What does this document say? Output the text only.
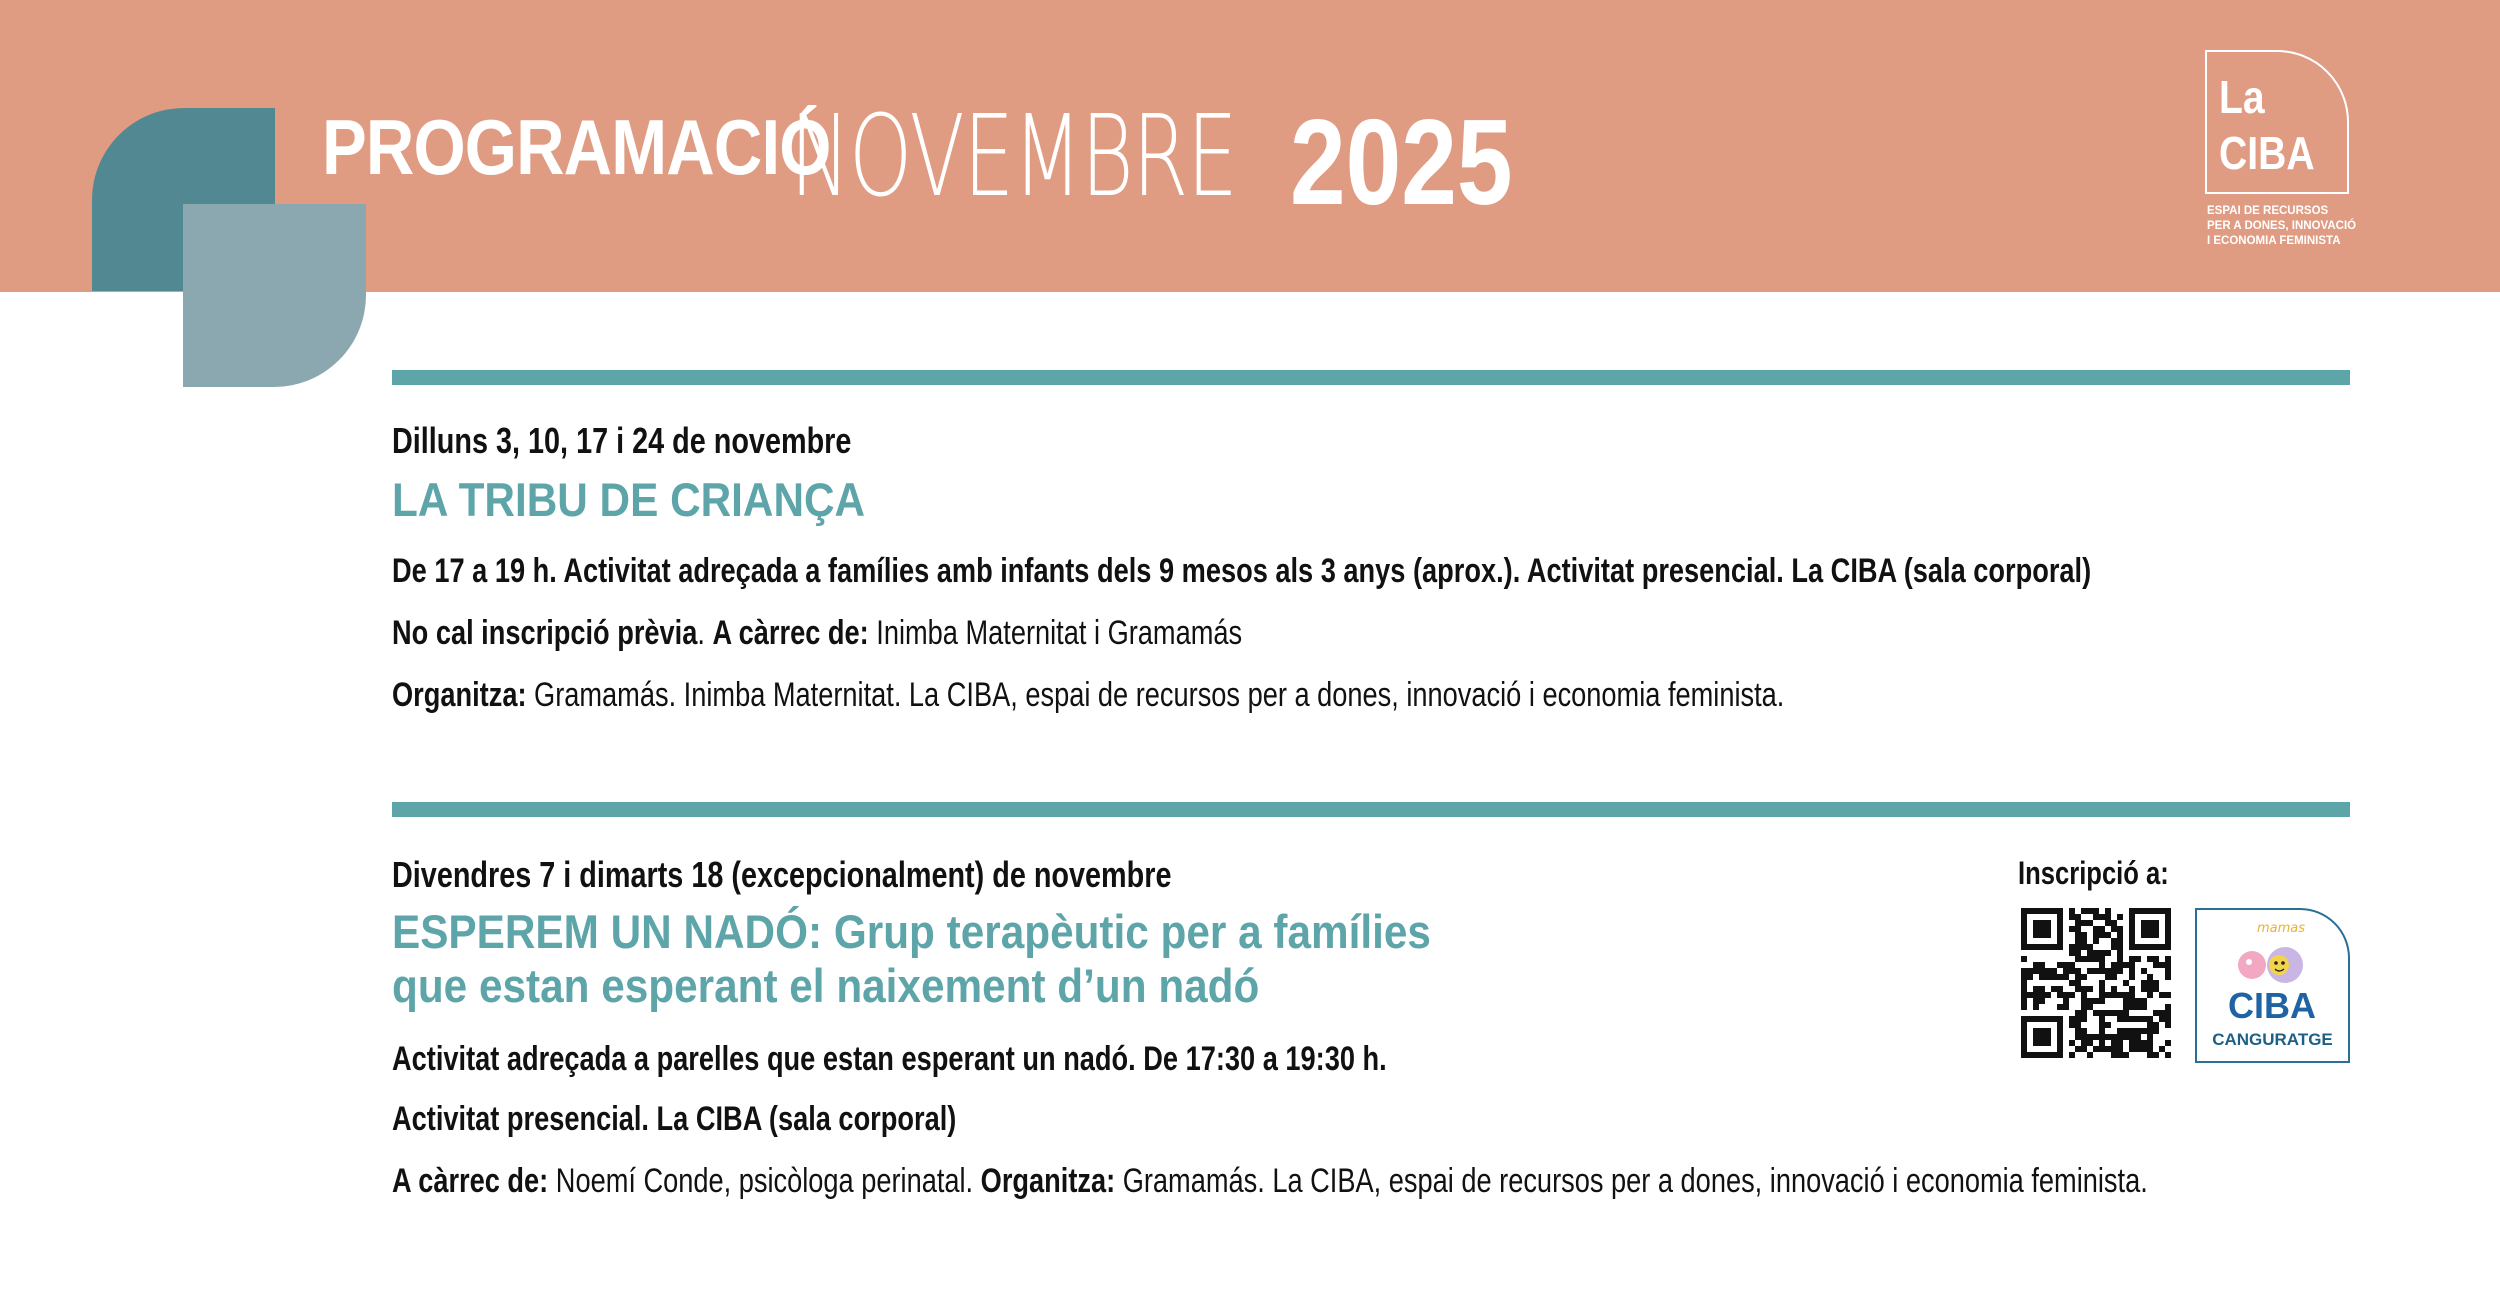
PROGRAMACIÓ
NOVEMBRE 2025	La
CIBA
ESPAI DE RECURSOS
PER A DONES, INNOVACIÓ
I ECONOMIA FEMINISTA
Dilluns 3, 10, 17 i 24 de novembre
LA TRIBU DE CRIANÇA
De 17 a 19 h. Activitat adreçada a famílies amb infants dels 9 mesos als 3 anys (aprox.). Activitat presencial. La CIBA (sala corporal)
No cal inscripció prèvia. A càrrec de: Inimba Maternitat i Gramamás
Organitza: Gramamás. Inimba Maternitat. La CIBA, espai de recursos per a dones, innovació i economia feminista.
Divendres 7 i dimarts 18 (excepcionalment) de novembre
ESPEREM UN NADÓ: Grup terapèutic per a famílies
que estan esperant el naixement d’un nadó
Activitat adreçada a parelles que estan esperant un nadó. De 17:30 a 19:30 h.
Activitat presencial. La CIBA (sala corporal)
A càrrec de: Noemí Conde, psicòloga perinatal. Organitza: Gramamás. La CIBA, espai de recursos per a dones, innovació i economia feminista.
Inscripció a:
mamas
CIBA
CANGURATGE
